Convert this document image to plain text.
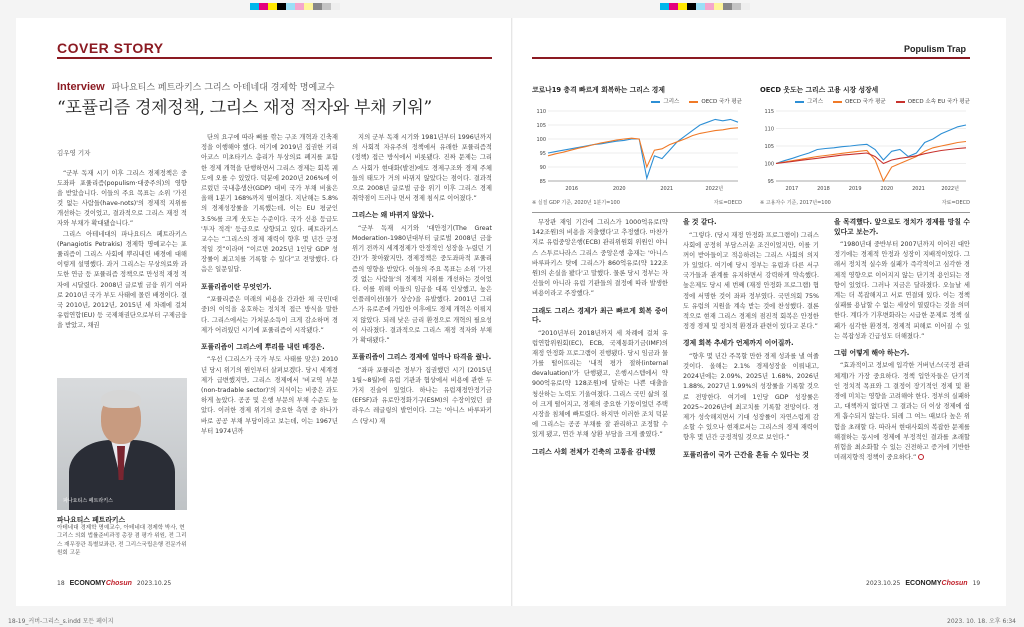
COVER STORY
Interview 파나요티스 페트라키스 그리스 아테네대 경제학 명예교수
“포퓰리즘 경제정책, 그리스 재정 적자와 부채 키워”
김우영 기자

“군부 독재 시기 이후 그리스 경제정책은 중도좌파 포퓰리즘(populism·대중주의)의 영향을 받았습니다. 이들의 주요 목표는 소위 '가진 것 없는 사람들(have-nots)'의 경제적 지위를 개선하는 것이었고, 결과적으로 그리스 재정 적자와 부채가 확대됐습니다.”

그리스 아테네대의 파나요티스 페트라키스(Panagiotis Petrakis) 경제학 명예교수는 포퓰리즘이 그리스 사회에 뿌리내린 배경에 대해 이렇게 설명했다. 과거 그리스는 무상의료와 과도한 연금 등 포퓰리즘 정책으로 만성적 재정 적자에 시달렸다. 2008년 글로벌 금융 위기 여파로 2010년 국가 부도 사태에 몰린 배경이다. 결국 2010년, 2012년, 2015년 세 차례에 걸쳐 유럽연합(EU) 등 국제채권단으로부터 구제금융을 받았고, 채권

파나요티스 페트라키스
파나요티스 페트라키스
아테네대 경제학 명예교수, 아테네대 경제학 박사, 현 그리스 의회 법률준비과정 총장 겸 평가 위원, 전 그리스 재무장관 특별보좌관, 전 그리스국립은행 전문가위원회 고문

단의 요구에 따라 뼈를 깎는 구조 개혁과 긴축재정을 이행해야 했다. 여기에 2019년 집권한 키리아코스 미초타키스 총리가 투상의료 폐지를 포함한 경제 개혁을 단행하면서 그리스 경제는 회복 궤도에 오를 수 있었다. 덕분에 2020년 206%에 이르렀던 국내총생산(GDP) 대비 국가 부채 비율은 올해 1분기 168%까지 떨어졌다. 지난해는 5.8%의 경제성장률을 기록했는데, 이는 EU 평균인 3.5%를 크게 웃도는 수준이다. 국가 신용 등급도 '투자 적격' 등급으로 상향되고 있다. 페트라키스 교수는 “그리스의 경제 재력이 향후 몇 년간 긍정적일 것”이라며 “이르면 2025년 1인당 GDP 성장률이 최고치를 기록할 수 있다”고 전망했다. 다음은 일문일답.

포퓰리즘이란 무엇인가.

“포퓰리즘은 미래의 비용을 간과한 채 국민(대중)의 이익을 옹호하는 정치적 접근 방식을 말한다. 그리스에서는 가처분소득이 크게 감소하며 경제가 어려웠던 시기에 포퓰리즘이 시작됐다.”

포퓰리즘이 그리스에 뿌리를 내린 배경은.

“우선 (그리스가 국가 부도 사태를 맞은) 2010년 당시 위기의 원인부터 살펴보겠다. 당시 세계경제가 급변했지만, 그리스 경제에서 '비교역 부문(non-tradable sector)'의 지식이는 비중은 과도하게 높았다. 공공 및 은행 부문의 부채 수준도 높았다. 이러한 경제 위기의 중요한 측면 중 하나가 바로 공공 부채 부담이라고 보는데, 이는 1967년부터 1974년까

지의 군부 독재 시기와 1981년부터 1996년까지의 사회적 자유주의 정책에서 유래한 포퓰리즘적 (정책) 접근 방식에서 비롯됐다. 진짜 문제는 그리스 사회가 현대화(발전)에도 경제구조와 경제 주체들의 태도가 거의 바뀌지 않았다는 점이다. 결과적으로 2008년 글로벌 금융 위기 이후 그리스 경제 취약점이 드러나 면서 경제 침식로 이어졌다.”

그리스는 왜 바뀌지 않았나.

“군부 독재 시기와 '대안정기(The Great Moderation-1980년대부터 글로벌 2008년 금융 위기 전까지 세계경제가 안정적인 성장을 누렸던 기간)'가 찾아왔지만, 경제정책은 중도좌파적 포퓰리즘의 영향을 받았다. 이들의 주요 목표는 소위 '가진 것 없는 사람들'의 경제적 지위를 개선하는 것이었다. 이를 위해 이들의 임금을 대폭 인상했고, 높은 인플레이션(물가 상승)을 유발했다. 2001년 그리스가 유로존에 가입한 이후에도 경제 개혁은 이뤄지지 않았다. 되레 낮은 금리 환경으로 개혁의 필요성이 사라졌다. 결과적으로 그리스 재정 적자와 부채가 확대됐다.”

포퓰리즘이 그리스 경제에 얼마나 타격을 줬나.

“좌파 포퓰리즘 정부가 집권했던 시기 (2015년 1월~8월)에 유럽 기관과 협상에서 비용에 관한 두 가지 진술이 있었다. 하나는 유럽재정안정기금(EFSF)과 유로안정화기구(ESM)의 수장이었던 클라우스 레글링의 발언이다. 그는 '아니스 바루파키스 (당시) 재

18 ECONOMYChosun 2023.10.25
Populism Trap
코로나19 충격 빠르게 회복하는 그리스 경제
그리스	OECD 국가 평균
85
90
95
100
105
110
2016	2020	2021	2022년
※ 실질 GDP 기준, 2020년 1분기=100	자료=OECD
OECD 웃도는 그리스 고용 시장 성장세
그리스	OECD 국가 평균	OECD 소속 EU 국가 평균
95
100
105
110
115
2017	2018	2019	2020	2021	2022년
※ 고용자수 기준, 2017년=100	자료=OECD

무장관 재임 기간에 그리스가 1000억유로(약 142조원)의 비용을 지출했다'고 추정했다. 마찬가지로 유럽중앙은행(ECB) 관리위원회 위원인 야니스 스투르나라스 그리스 중앙은행 총재는 '아니스 바루파키스 탓에 그리스가 860억유로(약 122조원)의 손실을 봤다'고 말했다. 물론 당시 정부는 자신들이 아니라 유럽 기관들의 결정에 따라 발생한 비용이라고 주장했다.”

그래도 그리스 경제가 최근 빠르게 회복 중이다.

“2010년부터 2018년까지 세 차례에 걸쳐 유럽연합위원회(EC), ECB, 국제통화기금(IMF)의 재정 안정화 프로그램이 진행됐다. 당시 임금과 물가를 떨어뜨리는 '내적 평가 절하(internal devaluation)'가 단행됐고, 은행시스템에서 약 900억유로(약 128조원)에 달하는 나쁜 대출을 청산하는 노력도 기울여졌다. 그리스 국민 삶의 질이 크게 떨어지고, 경제의 중요한 기둥이었던 주택 시장을 침체에 빠트렸다. 하지만 이러한 조치 덕분에 그리스는 공공 부채를 잘 관리하고 조정할 수 있게 됐고, 연간 부채 상환 부담을 크게 줄였다.”

그리스 사회 전체가 긴축의 고통을 감내했
을 것 같다.

“그렇다. (당시 재정 안정화 프로그램이) 그리스 사회에 공정히 부담스러운 조건이었지만, 이를 기꺼이 받아들이고 적응하려는 그리스 사회의 의지가 있었다. 여기에 당시 정부는 유럽과 다른 서구 국가들과 관계를 유지하면서 강력하게 약속했다. 높은제도 당시 세 번째 (재정 안정화 프로그램) 협정에 서명한 것이 좌파 정부였다. 국민의회 75%도 유럽의 지원을 계속 받는 것에 찬성했다. 결론적으로 현재 그리스 경제의 점진적 회복은 안정한 정경 경제 및 정치적 환경과 관련이 있다고 본다.”

경제 회복 추세가 언제까지 이어질까.

“향후 몇 년간 주목할 만한 경제 성과를 낼 여줄 것이다. 올해는 2.1% 경제성장을 이뤄내고, 2024년에는 2.09%, 2025년 1.68%, 2026년 1.88%, 2027년 1.99%의 성장률을 기록할 것으로 전망한다. 여기에 1인당 GDP 성장률은 2025~2026년에 최고치를 기록할 전망이다. 경제가 성숙해지면서 기대 성장률이 자연스럽게 감소할 수 있으나 현재로서는 그리스의 경제 재력이 향후 몇 년간 긍정적일 것으로 보인다.”

포퓰리즘이 국가 근간을 흔들 수 있다는 것
을 목격했다. 앞으로도 정치가 경제를 망칠 수 있다고 보는가.

“1980년대 중반부터 2007년까지 이어진 대안정기에는 경제적 안정과 성장이 지배적이었다. 그래서 정치적 실수와 실패가 즉각적이고 심각한 경제적 영향으로 이어지지 않는 단기적 용인되는 경향이 있었다. 그러나 지금은 달라졌다. 오늘날 세계는 더 복잡해지고 서로 연결돼 있다. 이는 정책 실패를 용납할 수 없는 세상이 열렸다는 것을 의미한다. 계다가 기후변화라는 시급한 문제로 정책 실패가 심각한 환경적, 경제적 피해로 이어질 수 있는 복잡성과 긴급성도 더해졌다.”

그럼 어떻게 해야 하는가.

“효과적이고 정보에 입각한 거버넌스(국정 관리 체계)가 가장 중요하다. 정책 입안자들은 단기적인 정치적 목표와 그 결정이 장기적인 경제 및 환경에 미치는 영향을 고려해야 한다. 정부의 실패하고, 대책까지 없다면 그 결과는 더 이상 경제에 쉽게 흡수되지 않는다. 되레 그 여느 때보다 높은 위험을 초래할 다. 따라서 현대사회의 복잡한 문제를 해결하는 동시에 경제에 부정적인 결과를 초래할 위험을 최소화할 수 있는 건전하고 증거에 기반한 미래지향적 정책이 중요하다.”

2023.10.25 ECONOMYChosun 19
18-19_커버-그리스_s.indd 모든 페이지	2023. 10. 18. 오후 6:34
